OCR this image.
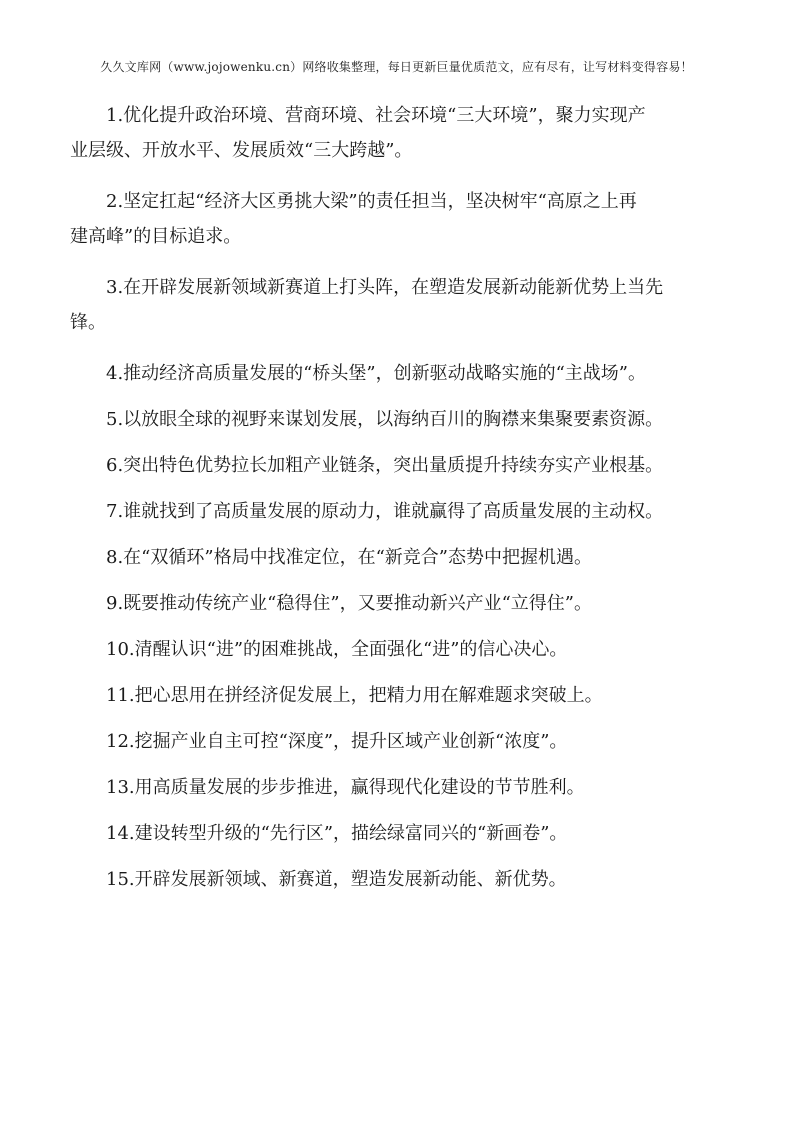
久久文库网（www.jojowenku.cn）网络收集整理，每日更新巨量优质范文，应有尽有，让写材料变得容易！

1.优化提升政治环境、营商环境、社会环境“三大环境”，聚力实现产
业层级、开放水平、发展质效“三大跨越”。

2.坚定扛起“经济大区勇挑大梁”的责任担当，坚决树牢“高原之上再
建高峰”的目标追求。

3.在开辟发展新领域新赛道上打头阵，在塑造发展新动能新优势上当先
锋。

4.推动经济高质量发展的“桥头堡”，创新驱动战略实施的“主战场”。

5.以放眼全球的视野来谋划发展，以海纳百川的胸襟来集聚要素资源。

6.突出特色优势拉长加粗产业链条，突出量质提升持续夯实产业根基。

7.谁就找到了高质量发展的原动力，谁就赢得了高质量发展的主动权。

8.在“双循环”格局中找准定位，在“新竞合”态势中把握机遇。

9.既要推动传统产业“稳得住”，又要推动新兴产业“立得住”。

10.清醒认识“进”的困难挑战，全面强化“进”的信心决心。

11.把心思用在拼经济促发展上，把精力用在解难题求突破上。

12.挖掘产业自主可控“深度”，提升区域产业创新“浓度”。

13.用高质量发展的步步推进，赢得现代化建设的节节胜利。

14.建设转型升级的“先行区”，描绘绿富同兴的“新画卷”。

15.开辟发展新领域、新赛道，塑造发展新动能、新优势。
